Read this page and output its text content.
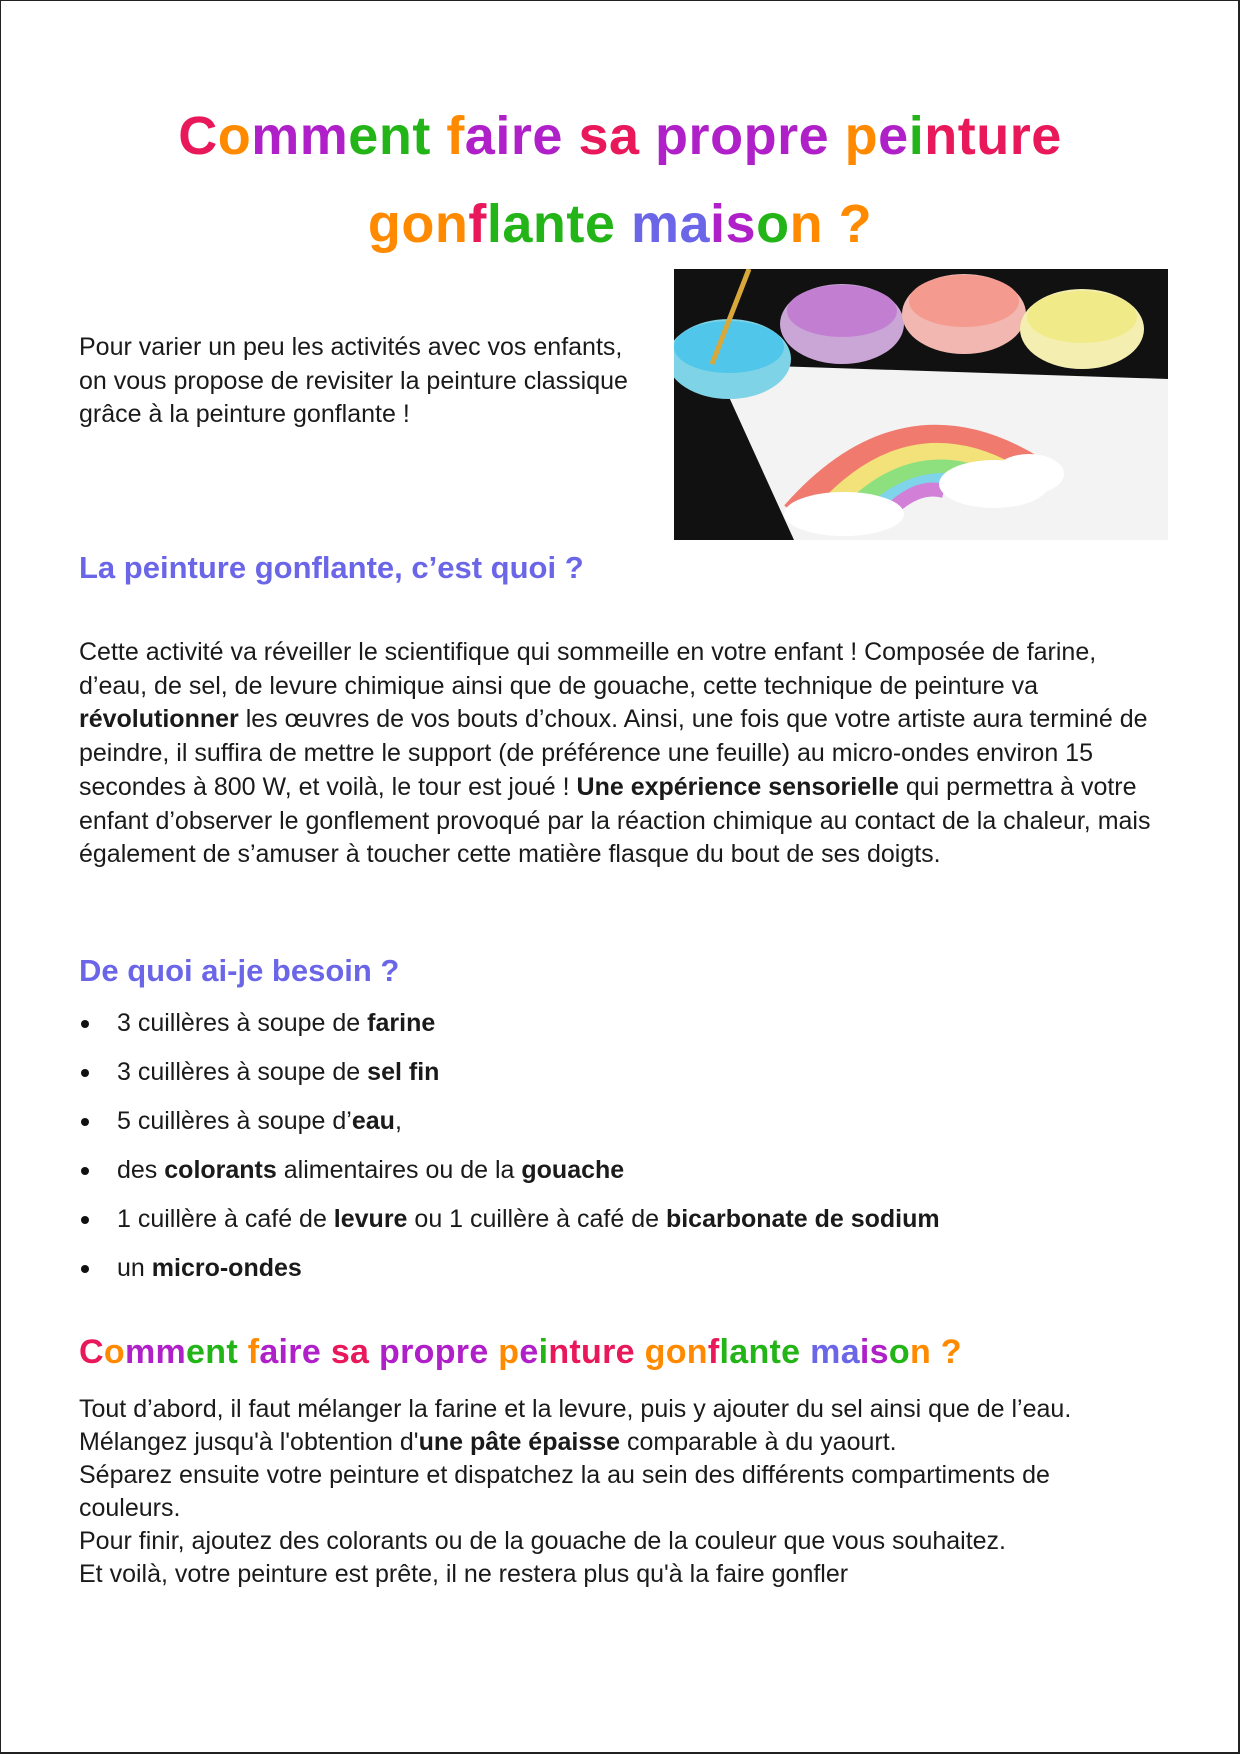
Comment faire sa propre peinture
gonflante maison ?

Pour varier un peu les activités avec vos enfants, on vous propose de revisiter la peinture classique grâce à la peinture gonflante !

La peinture gonflante, c’est quoi ?

Cette activité va réveiller le scientifique qui sommeille en votre enfant ! Composée de farine, d’eau, de sel, de levure chimique ainsi que de gouache, cette technique de peinture va révolutionner les œuvres de vos bouts d’choux. Ainsi, une fois que votre artiste aura terminé de peindre, il suffira de mettre le support (de préférence une feuille) au micro-ondes environ 15 secondes à 800 W, et voilà, le tour est joué ! Une expérience sensorielle qui permettra à votre enfant d’observer le gonflement provoqué par la réaction chimique au contact de la chaleur, mais également de s’amuser à toucher cette matière flasque du bout de ses doigts.

De quoi ai-je besoin ?
3 cuillères à soupe de farine
3 cuillères à soupe de sel fin
5 cuillères à soupe d’eau,
des colorants alimentaires ou de la gouache
1 cuillère à café de levure ou 1 cuillère à café de bicarbonate de sodium
un micro-ondes
Comment faire sa propre peinture gonflante maison ?

Tout d’abord, il faut mélanger la farine et la levure, puis y ajouter du sel ainsi que de l’eau.

Mélangez jusqu'à l'obtention d'une pâte épaisse comparable à du yaourt.

Séparez ensuite votre peinture et dispatchez la au sein des différents compartiments de couleurs.

Pour finir, ajoutez des colorants ou de la gouache de la couleur que vous souhaitez.

Et voilà, votre peinture est prête, il ne restera plus qu'à la faire gonfler
